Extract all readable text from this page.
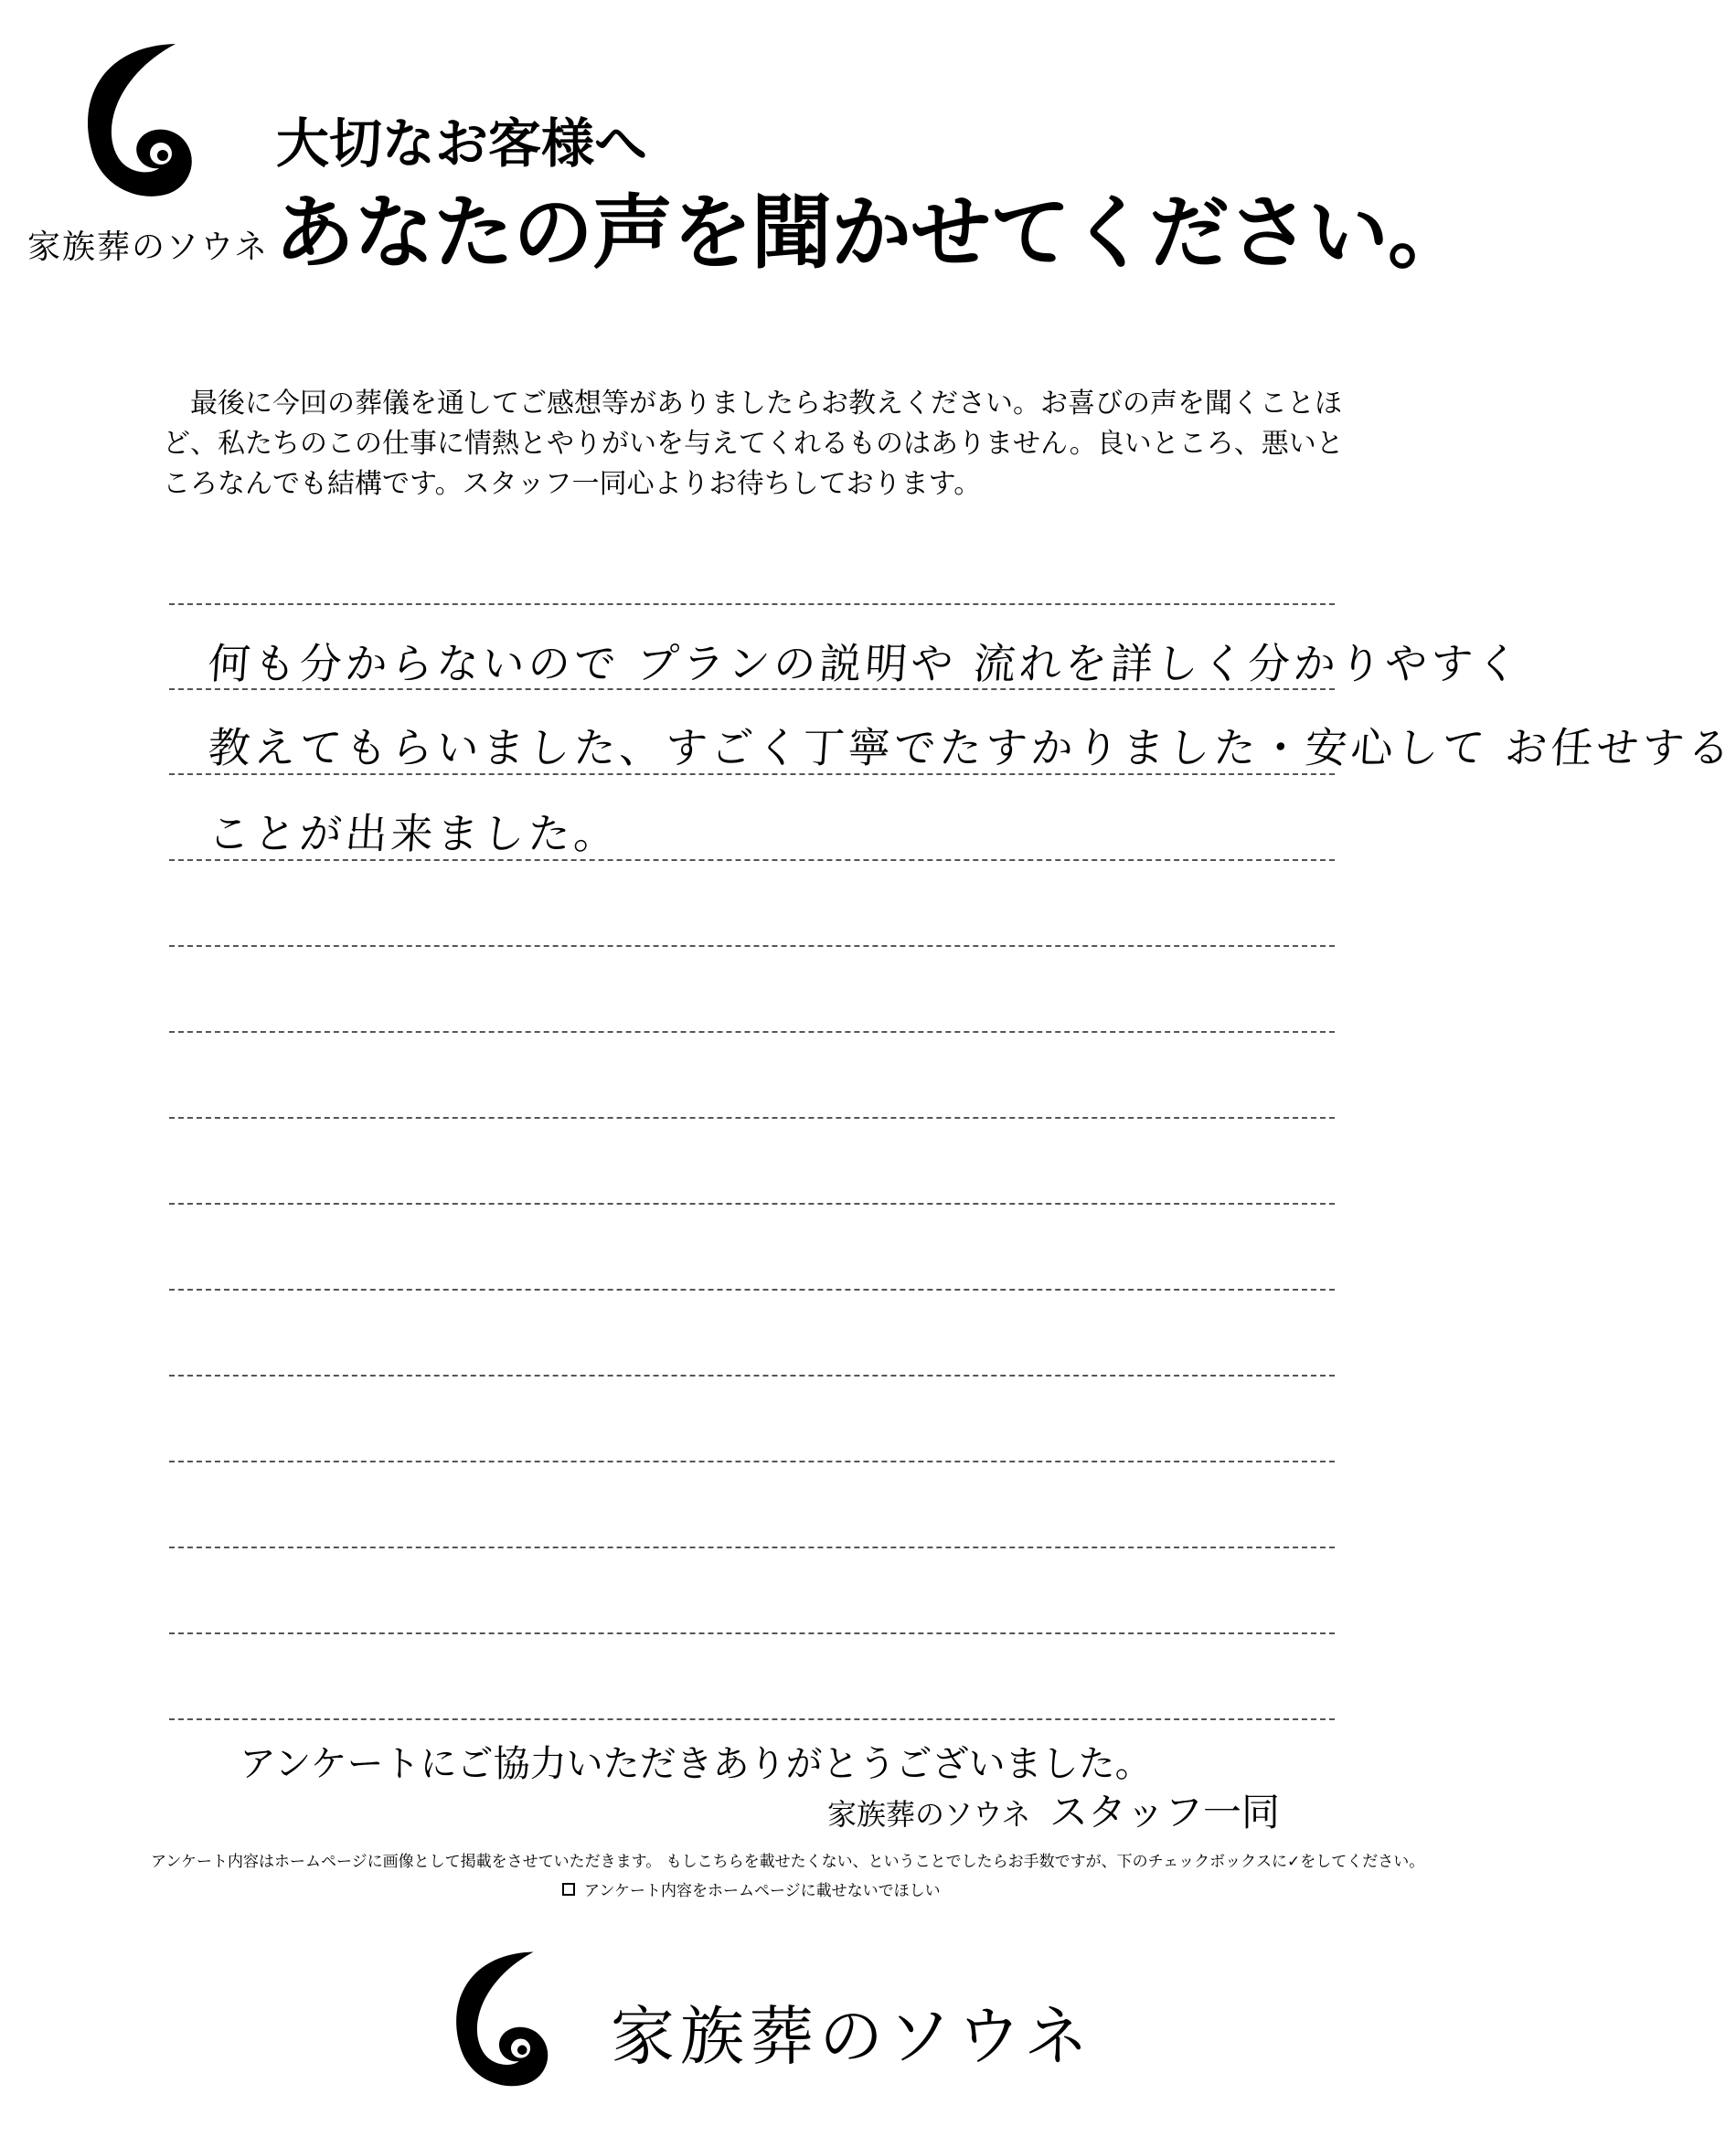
家族葬のソウネ
大切なお客様へ
あなたの声を聞かせてください。

最後に今回の葬儀を通してご感想等がありましたらお教えください。お喜びの声を聞くことほど、私たちのこの仕事に情熱とやりがいを与えてくれるものはありません。良いところ、悪いところなんでも結構です。スタッフ一同心よりお待ちしております。

何も分からないので プランの説明や 流れを詳しく分かりやすく
教えてもらいました、すごく丁寧でたすかりました・安心して お任せする
ことが出来ました。
アンケートにご協力いただきありがとうございました。
家族葬のソウネ スタッフ一同
アンケート内容はホームページに画像として掲載をさせていただきます。 もしこちらを載せたくない、ということでしたらお手数ですが、下のチェックボックスに✓をしてください。
アンケート内容をホームページに載せないでほしい
家族葬のソウネ
